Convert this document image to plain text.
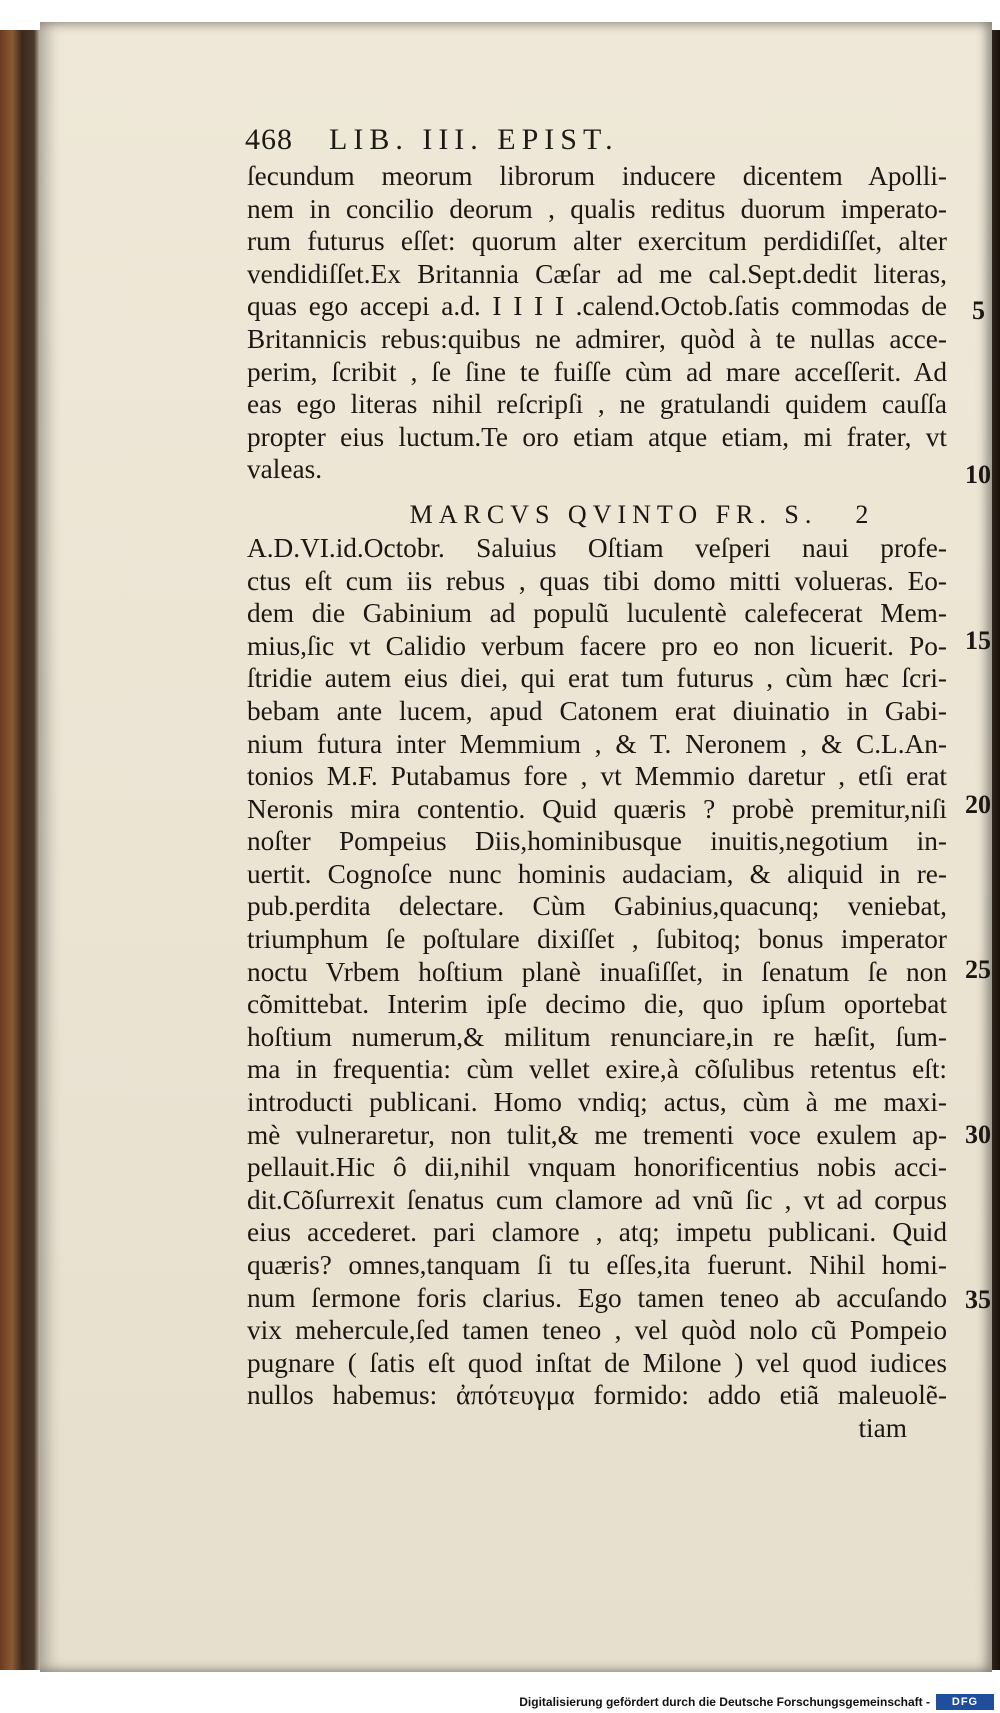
468 LIB. III. EPIST.
ſecundum meorum librorum inducere dicentem Apolli-
nem in concilio deorum , qualis reditus duorum imperato-
rum futurus eſſet: quorum alter exercitum perdidiſſet, alter
vendidiſſet.Ex Britannia Cæſar ad me cal.Sept.dedit literas,
quas ego accepi a.d. I I I I .calend.Octob.ſatis commodas de
Britannicis rebus:quibus ne admirer, quòd à te nullas acce-
perim, ſcribit , ſe ſine te fuiſſe cùm ad mare acceſſerit. Ad
eas ego literas nihil reſcripſi , ne gratulandi quidem cauſſa
propter eius luctum.Te oro etiam atque etiam, mi frater, vt
valeas.
MARCVS QVINTO FR. S. 2
A.D.VI.id.Octobr. Saluius Oſtiam veſperi naui profe-
ctus eſt cum iis rebus , quas tibi domo mitti volueras. Eo-
dem die Gabinium ad populũ luculentè calefecerat Mem-
mius,ſic vt Calidio verbum facere pro eo non licuerit. Po-
ſtridie autem eius diei, qui erat tum futurus , cùm hæc ſcri-
bebam ante lucem, apud Catonem erat diuinatio in Gabi-
nium futura inter Memmium , & T. Neronem , & C.L.An-
tonios M.F. Putabamus fore , vt Memmio daretur , etſi erat
Neronis mira contentio. Quid quæris ? probè premitur,niſi
noſter Pompeius Diis,hominibusque inuitis,negotium in-
uertit. Cognoſce nunc hominis audaciam, & aliquid in re-
pub.perdita delectare. Cùm Gabinius,quacunq; veniebat,
triumphum ſe poſtulare dixiſſet , ſubitoq; bonus imperator
noctu Vrbem hoſtium planè inuaſiſſet, in ſenatum ſe non
cõmittebat. Interim ipſe decimo die, quo ipſum oportebat
hoſtium numerum,& militum renunciare,in re hæſit, ſum-
ma in frequentia: cùm vellet exire,à cõſulibus retentus eſt:
introducti publicani. Homo vndiq; actus, cùm à me maxi-
mè vulneraretur, non tulit,& me trementi voce exulem ap-
pellauit.Hic ô dii,nihil vnquam honorificentius nobis acci-
dit.Cõſurrexit ſenatus cum clamore ad vnũ ſic , vt ad corpus
eius accederet. pari clamore , atq; impetu publicani. Quid
quæris? omnes,tanquam ſi tu eſſes,ita fuerunt. Nihil homi-
num ſermone foris clarius. Ego tamen teneo ab accuſando
vix mehercule,ſed tamen teneo , vel quòd nolo cũ Pompeio
pugnare ( ſatis eſt quod inſtat de Milone ) vel quod iudices
nullos habemus: ἀπότευγμα formido: addo etiã maleuolẽ-
tiam
5
10
15
20
25
30
35
Digitalisierung gefördert durch die Deutsche Forschungsgemeinschaft -	DFG
